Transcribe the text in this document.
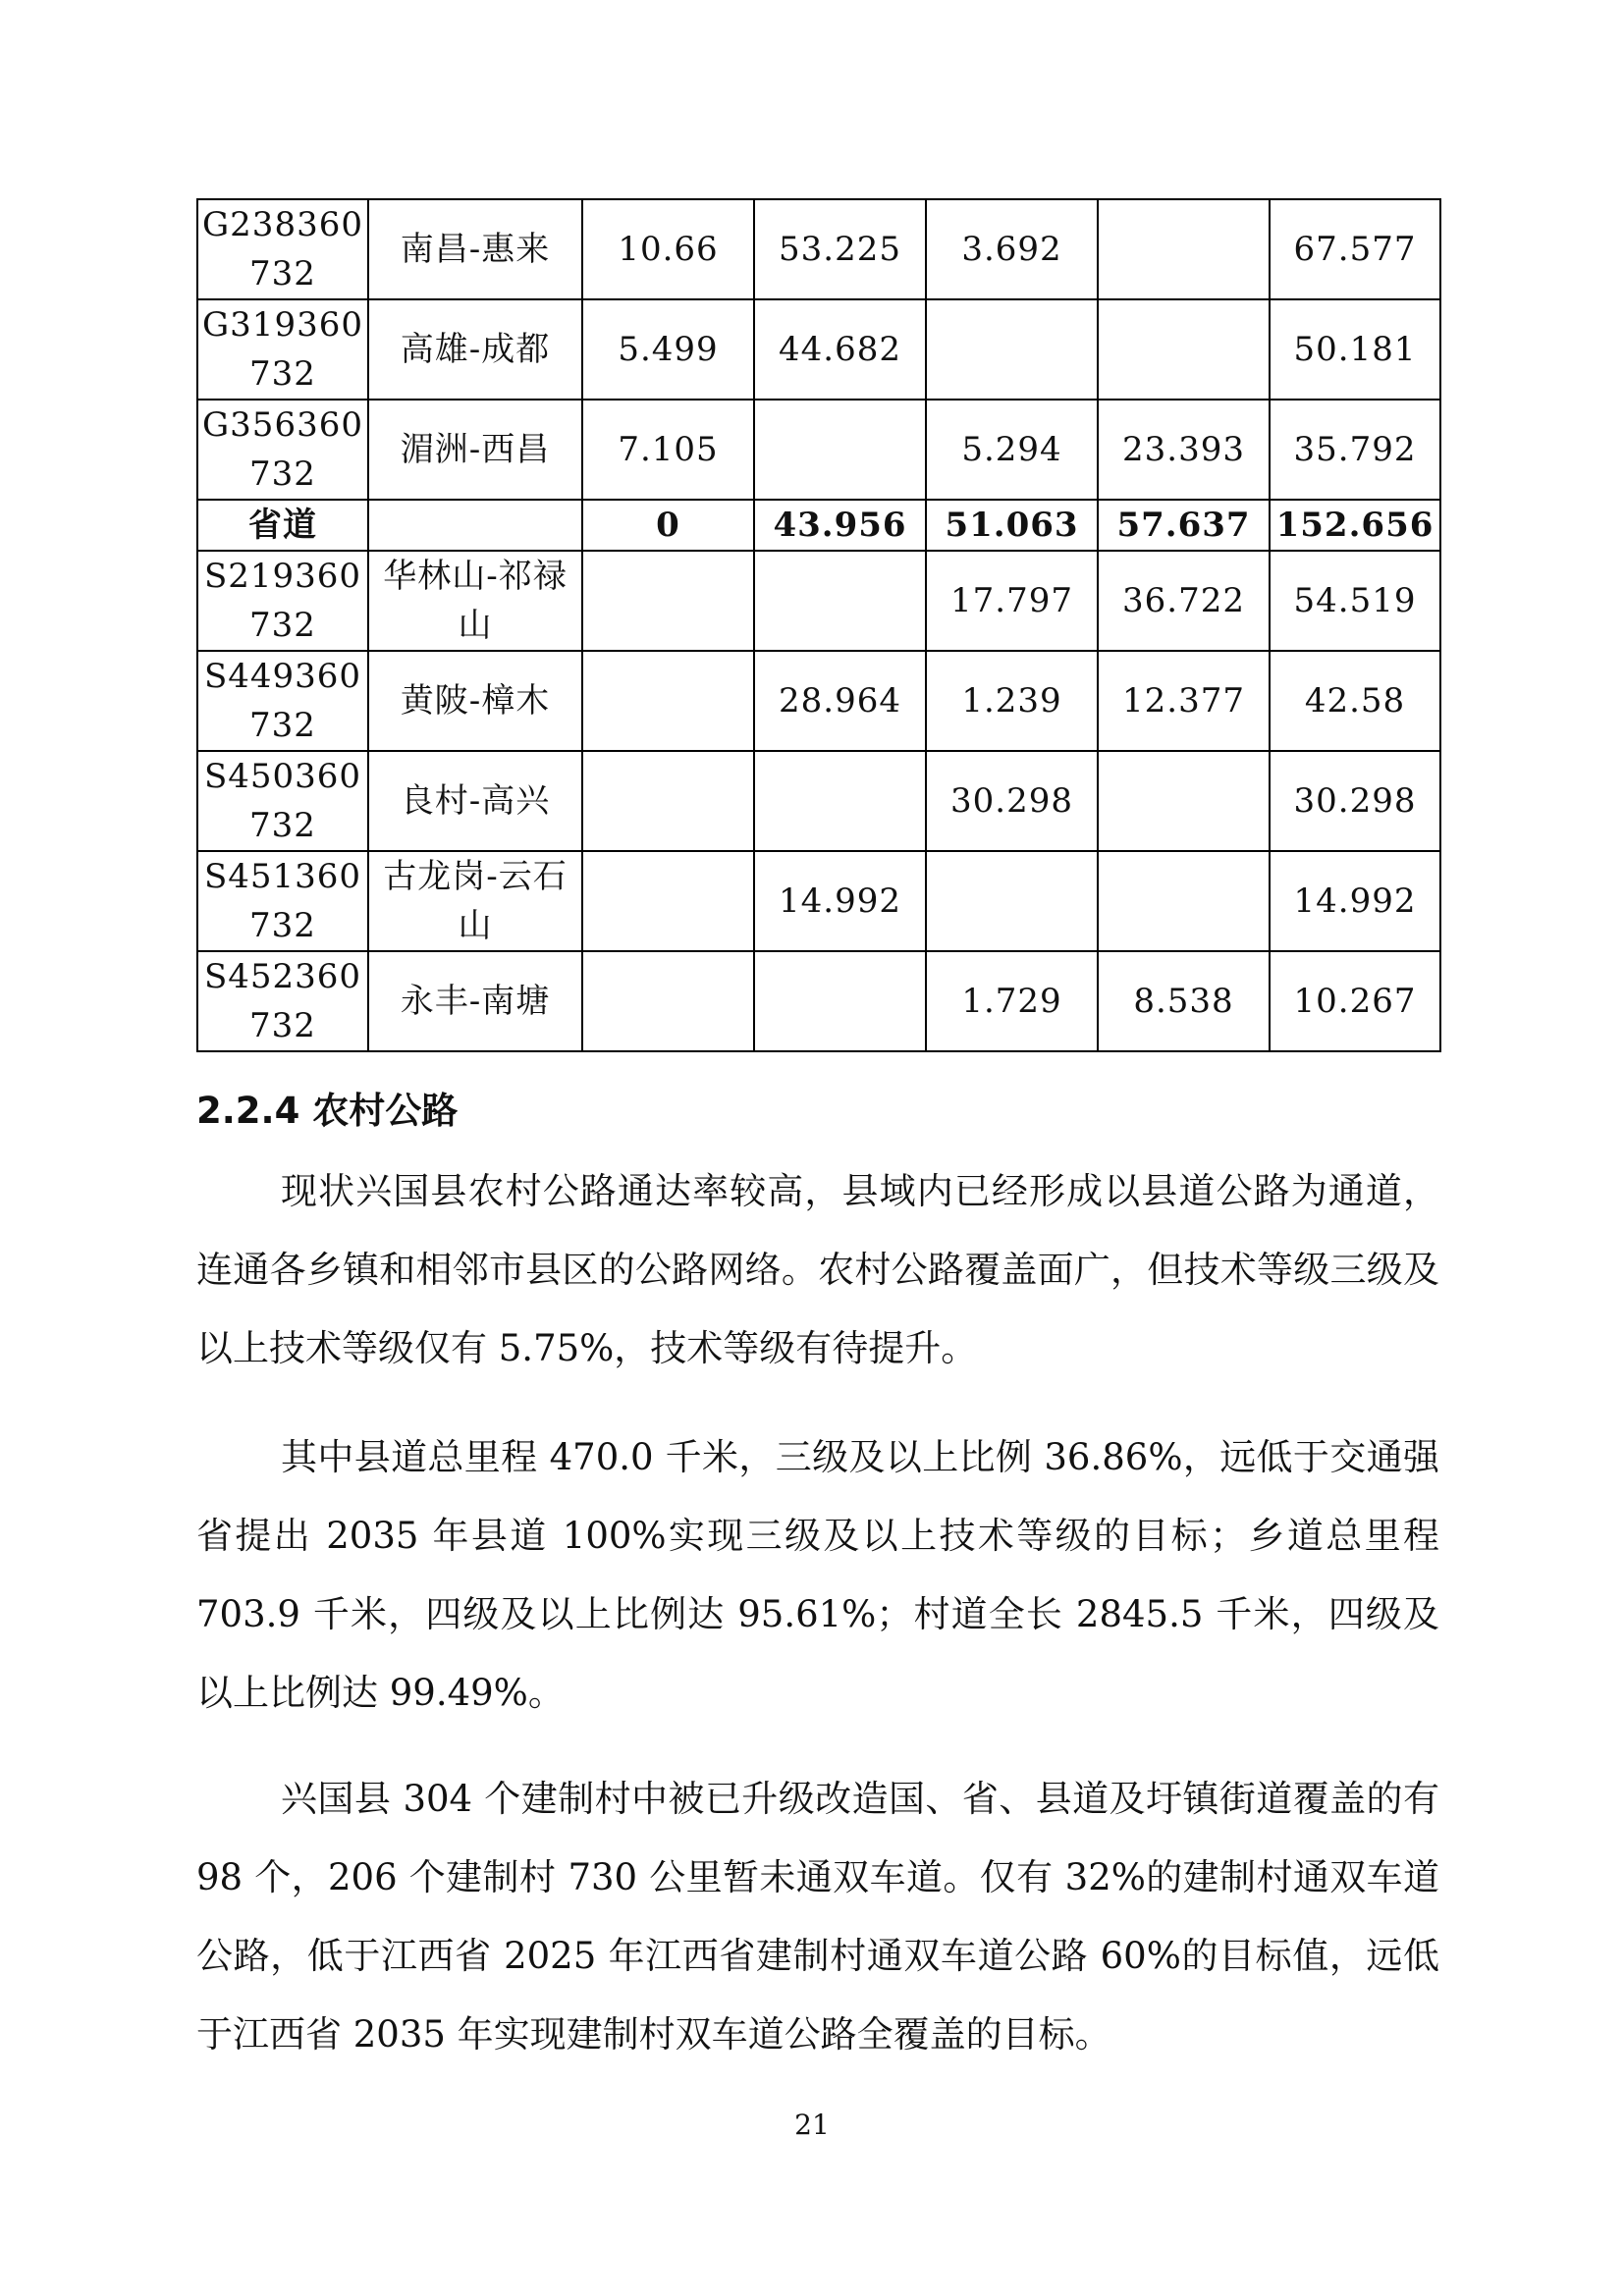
G238360732	南昌-惠来	10.66	53.225	3.692		67.577
G319360732	高雄-成都	5.499	44.682			50.181
G356360732	湄洲-西昌	7.105		5.294	23.393	35.792
省道		0	43.956	51.063	57.637	152.656
S219360732	华林山-祁禄山			17.797	36.722	54.519
S449360732	黄陂-樟木		28.964	1.239	12.377	42.58
S450360732	良村-高兴			30.298		30.298
S451360732	古龙岗-云石山		14.992			14.992
S452360732	永丰-南塘			1.729	8.538	10.267
2.2.4 农村公路

现状兴国县农村公路通达率较高，县域内已经形成以县道公路为通道，连通各乡镇和相邻市县区的公路网络。农村公路覆盖面广，但技术等级三级及以上技术等级仅有 5.75%，技术等级有待提升。

其中县道总里程 470.0 千米，三级及以上比例 36.86%，远低于交通强省提出 2035 年县道 100%实现三级及以上技术等级的目标；乡道总里程 703.9 千米，四级及以上比例达 95.61%；村道全长 2845.5 千米，四级及以上比例达 99.49%。

兴国县 304 个建制村中被已升级改造国、省、县道及圩镇街道覆盖的有 98 个，206 个建制村 730 公里暂未通双车道。仅有 32%的建制村通双车道公路，低于江西省 2025 年江西省建制村通双车道公路 60%的目标值，远低于江西省 2035 年实现建制村双车道公路全覆盖的目标。

21
